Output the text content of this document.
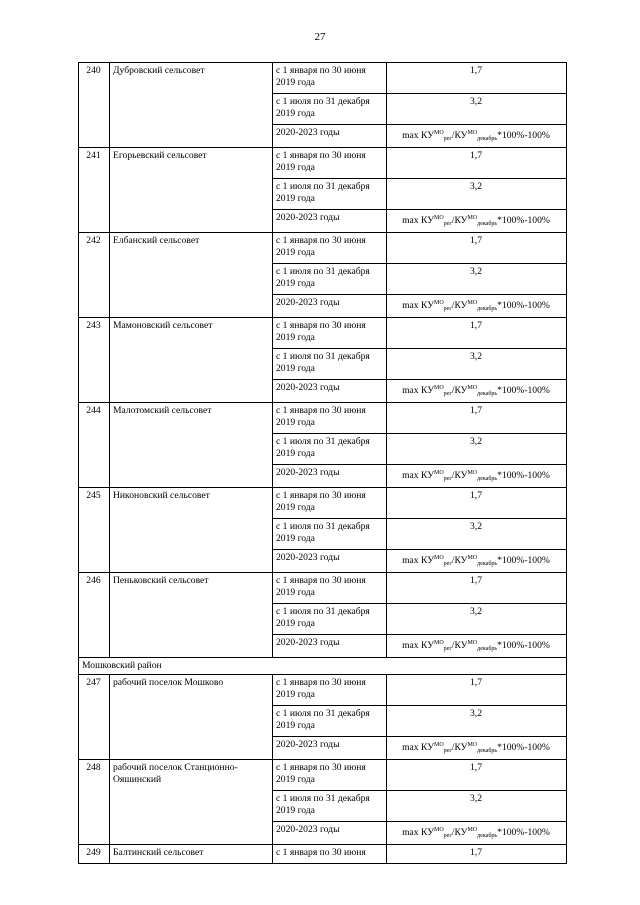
27
240	Дубровский сельсовет	с 1 января по 30 июня 2019 года	1,7
		с 1 июля по 31 декабря 2019 года	3,2
		2020-2023 годы	$\max КУ^{МО}_{рег}/КУ^{МО}_{декабрь}*100\%-100\%$
241	Егорьевский сельсовет	с 1 января по 30 июня 2019 года	1,7
		с 1 июля по 31 декабря 2019 года	3,2
		2020-2023 годы	$\max КУ^{МО}_{рег}/КУ^{МО}_{декабрь}*100\%-100\%$
242	Елбанский сельсовет	с 1 января по 30 июня 2019 года	1,7
		с 1 июля по 31 декабря 2019 года	3,2
		2020-2023 годы	$\max КУ^{МО}_{рег}/КУ^{МО}_{декабрь}*100\%-100\%$
243	Мамоновский сельсовет	с 1 января по 30 июня 2019 года	1,7
		с 1 июля по 31 декабря 2019 года	3,2
		2020-2023 годы	$\max КУ^{МО}_{рег}/КУ^{МО}_{декабрь}*100\%-100\%$
244	Малотомский сельсовет	с 1 января по 30 июня 2019 года	1,7
		с 1 июля по 31 декабря 2019 года	3,2
		2020-2023 годы	$\max КУ^{МО}_{рег}/КУ^{МО}_{декабрь}*100\%-100\%$
245	Никоновский сельсовет	с 1 января по 30 июня 2019 года	1,7
		с 1 июля по 31 декабря 2019 года	3,2
		2020-2023 годы	$\max КУ^{МО}_{рег}/КУ^{МО}_{декабрь}*100\%-100\%$
246	Пеньковский сельсовет	с 1 января по 30 июня 2019 года	1,7
		с 1 июля по 31 декабря 2019 года	3,2
		2020-2023 годы	$\max КУ^{МО}_{рег}/КУ^{МО}_{декабрь}*100\%-100\%$
Мошковский район			
247	рабочий поселок Мошково	с 1 января по 30 июня 2019 года	1,7
		с 1 июля по 31 декабря 2019 года	3,2
		2020-2023 годы	$\max КУ^{МО}_{рег}/КУ^{МО}_{декабрь}*100\%-100\%$
248	рабочий поселок Станционно-Ояшинский	с 1 января по 30 июня 2019 года	1,7
		с 1 июля по 31 декабря 2019 года	3,2
		2020-2023 годы	$\max КУ^{МО}_{рег}/КУ^{МО}_{декабрь}*100\%-100\%$
249	Балтинский сельсовет	с 1 января по 30 июня	1,7
